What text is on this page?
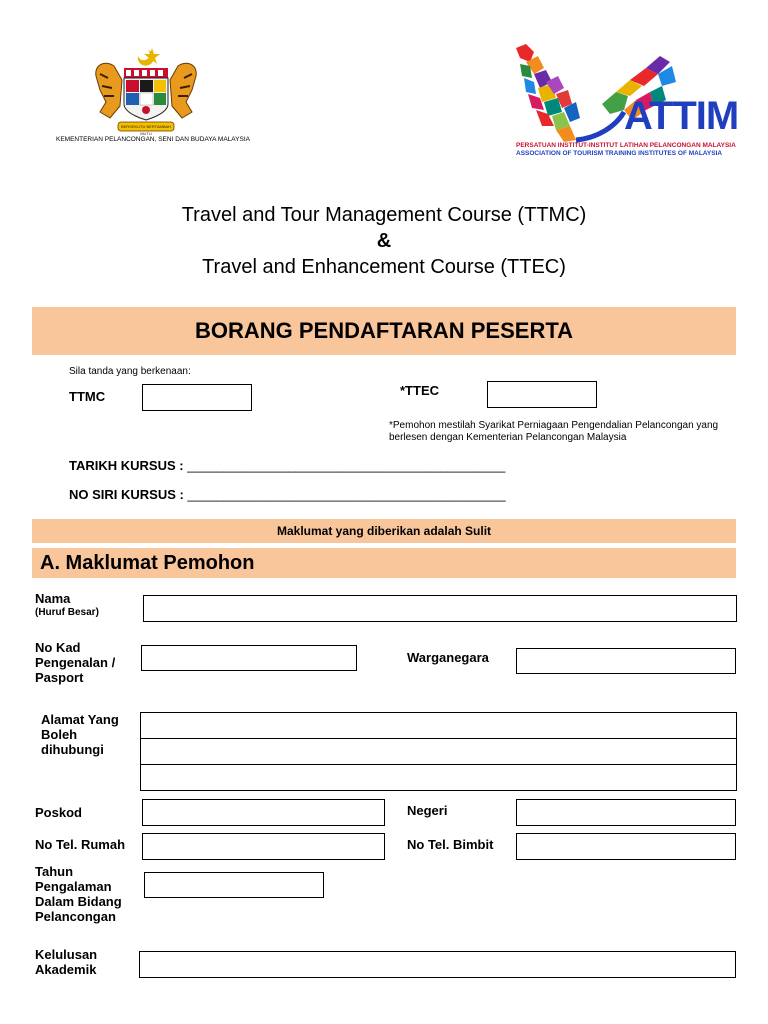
BERSEKUTU BERTAMBAH MUTU
KEMENTERIAN PELANCONGAN, SENI DAN BUDAYA MALAYSIA
ATTIM
PERSATUAN INSTITUT-INSTITUT LATIHAN PELANCONGAN MALAYSIA
ASSOCIATION OF TOURISM TRAINING INSTITUTES OF MALAYSIA
Travel and Tour Management Course (TTMC)
&
Travel and Enhancement Course (TTEC)
BORANG PENDAFTARAN PESERTA
Sila tanda yang berkenaan:
TTMC	*TTEC
*Pemohon mestilah Syarikat Perniagaan Pengendalian Pelancongan yang
berlesen dengan Kementerian Pelancongan Malaysia
TARIKH KURSUS : ____________________________________________
NO SIRI KURSUS : ____________________________________________
Maklumat yang diberikan adalah Sulit
A. Maklumat Pemohon
Nama
(Huruf Besar)
No Kad
Pengenalan /
Pasport
Warganegara
Alamat Yang
Boleh
dihubungi
Poskod	Negeri
No Tel. Rumah	No Tel. Bimbit
Tahun
Pengalaman
Dalam Bidang
Pelancongan
Kelulusan
Akademik
